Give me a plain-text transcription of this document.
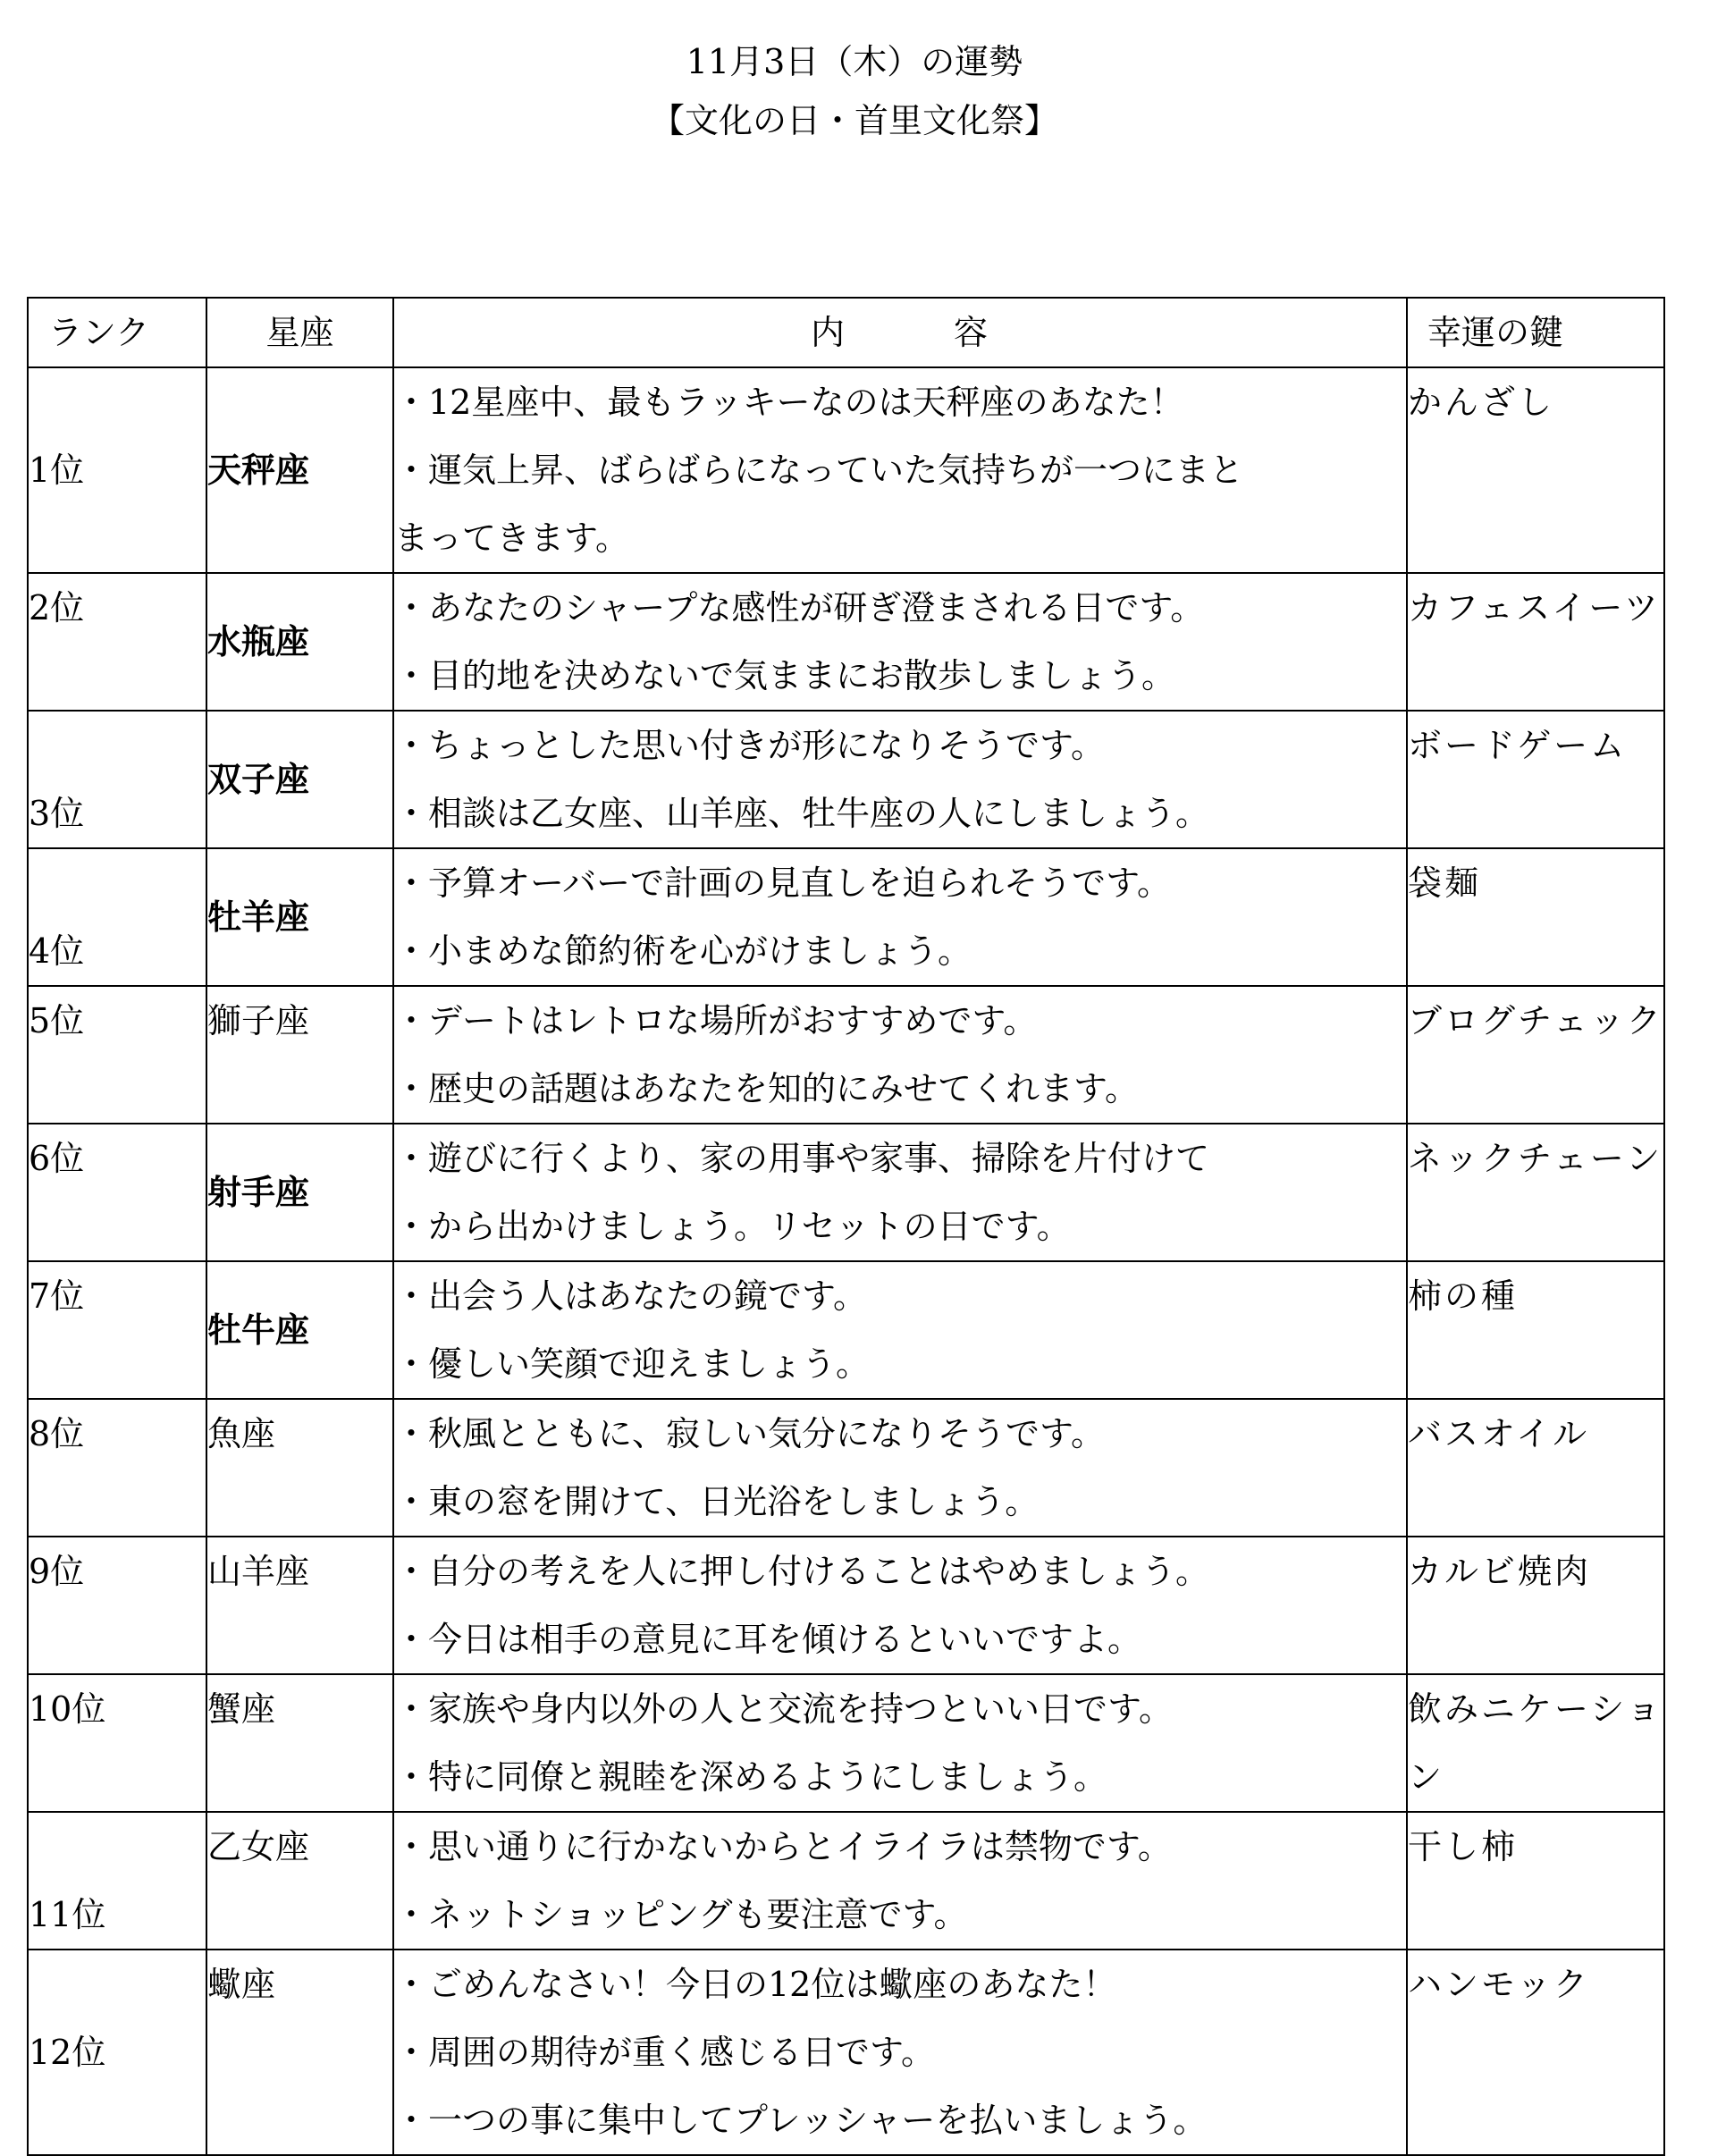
11月3日（木）の運勢
【文化の日・首里文化祭】
ランク	星座	内　　　容	幸運の鍵
1位	天秤座	・12星座中、最もラッキーなのは天秤座のあなた！
・運気上昇、ばらばらになっていた気持ちが一つにまと
まってきます。	かんざし
2位	水瓶座	・あなたのシャープな感性が研ぎ澄まされる日です。
・目的地を決めないで気ままにお散歩しましょう。	カフェスイーツ
3位	双子座	・ちょっとした思い付きが形になりそうです。
・相談は乙女座、山羊座、牡牛座の人にしましょう。	ボードゲーム
4位	牡羊座	・予算オーバーで計画の見直しを迫られそうです。
・小まめな節約術を心がけましょう。	袋麺
5位	獅子座	・デートはレトロな場所がおすすめです。
・歴史の話題はあなたを知的にみせてくれます。	ブログチェック
6位	射手座	・遊びに行くより、家の用事や家事、掃除を片付けて
・から出かけましょう。リセットの日です。	ネックチェーン
7位	牡牛座	・出会う人はあなたの鏡です。
・優しい笑顔で迎えましょう。	柿の種
8位	魚座	・秋風とともに、寂しい気分になりそうです。
・東の窓を開けて、日光浴をしましょう。	バスオイル
9位	山羊座	・自分の考えを人に押し付けることはやめましょう。
・今日は相手の意見に耳を傾けるといいですよ。	カルビ焼肉
10位	蟹座	・家族や身内以外の人と交流を持つといい日です。
・特に同僚と親睦を深めるようにしましょう。	飲みニケーション
11位	乙女座	・思い通りに行かないからとイライラは禁物です。
・ネットショッピングも要注意です。	干し柿
12位	蠍座	・ごめんなさい！今日の12位は蠍座のあなた！
・周囲の期待が重く感じる日です。
・一つの事に集中してプレッシャーを払いましょう。	ハンモック
